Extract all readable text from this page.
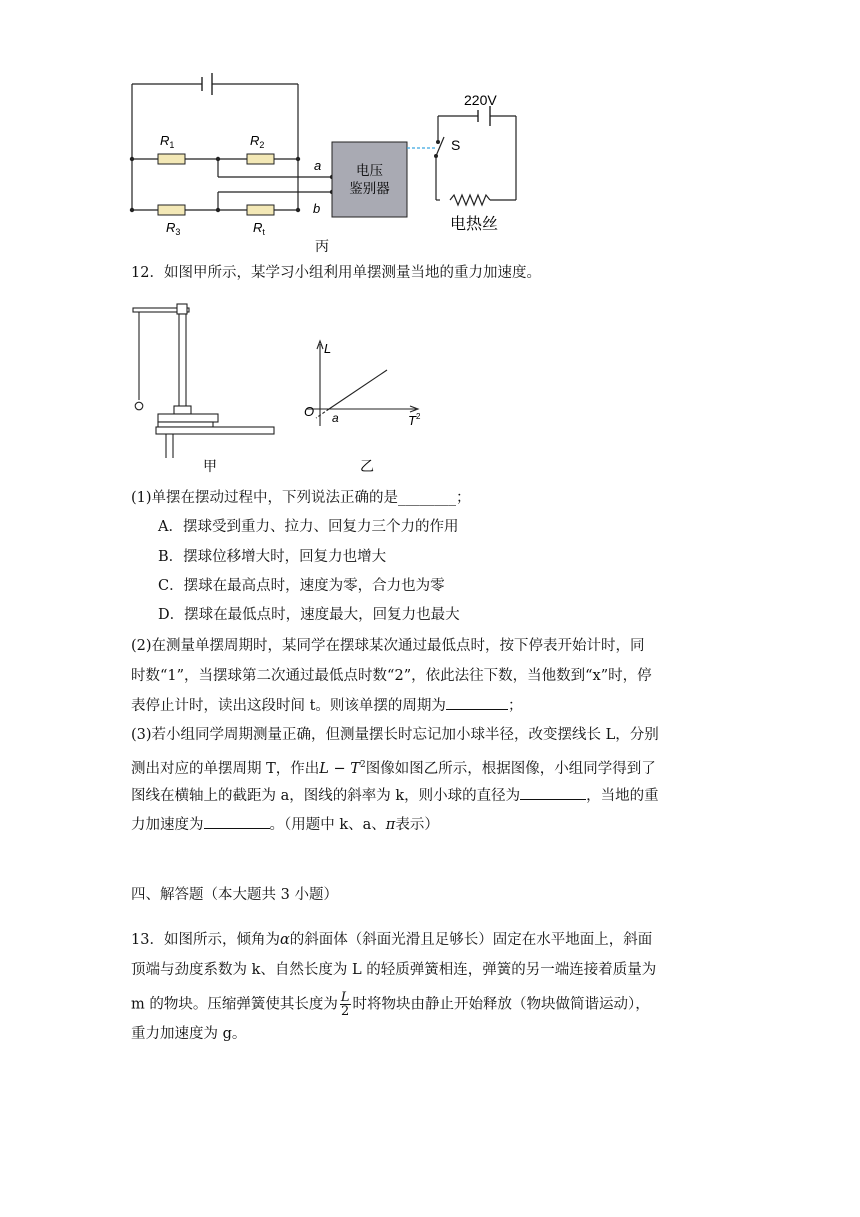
$R_1$	$R_2$
$R_3$	$R_t$
a
b
电压
鉴别器
220V
S
电热丝
丙
12．如图甲所示，某学习小组利用单摆测量当地的重力加速度。
甲
L
O a	$T^2$
乙
(1)单摆在摆动过程中，下列说法正确的是________；
A．摆球受到重力、拉力、回复力三个力的作用
B．摆球位移增大时，回复力也增大
C．摆球在最高点时，速度为零，合力也为零
D．摆球在最低点时，速度最大，回复力也最大
(2)在测量单摆周期时，某同学在摆球某次通过最低点时，按下停表开始计时，同
时数“1”，当摆球第二次通过最低点时数“2”，依此法往下数，当他数到“x”时，停
表停止计时，读出这段时间 t。则该单摆的周期为	；
(3)若小组同学周期测量正确，但测量摆长时忘记加小球半径，改变摆线长 L，分别
测出对应的单摆周期 T，作出$L - T^2$图像如图乙所示，根据图像，小组同学得到了
图线在横轴上的截距为 a，图线的斜率为 k，则小球的直径为	，当地的重
力加速度为	。（用题中 k、a、π表示）
四、解答题（本大题共 3 小题）
13．如图所示，倾角为α的斜面体（斜面光滑且足够长）固定在水平地面上，斜面
顶端与劲度系数为 k、自然长度为 L 的轻质弹簧相连，弹簧的另一端连接着质量为
m 的物块。压缩弹簧使其长度为 $\frac{L}{2}$ 时将物块由静止开始释放（物块做简谐运动），
重力加速度为 g。
